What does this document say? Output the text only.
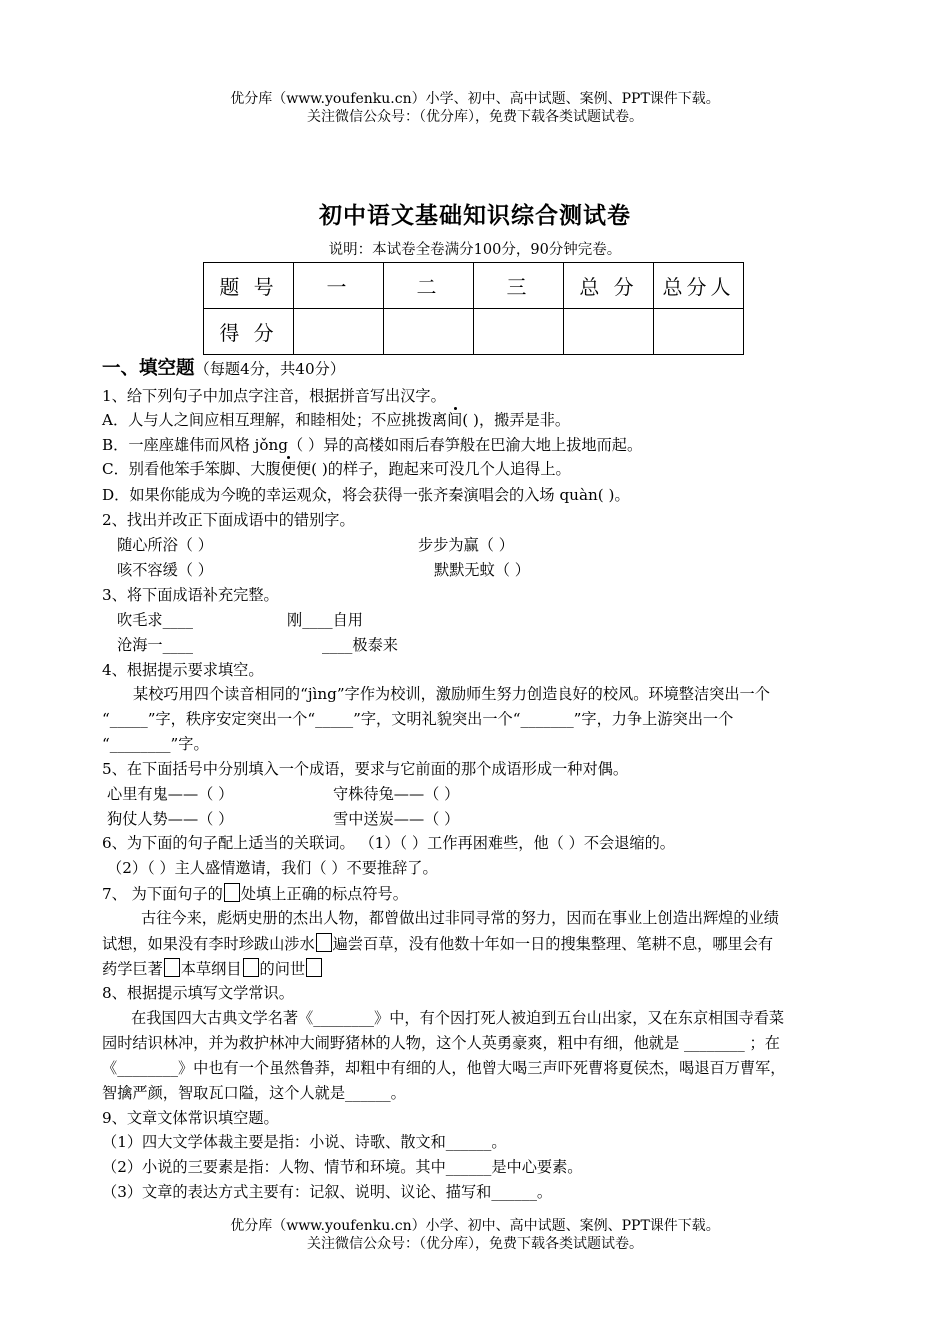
优分库（www.youfenku.cn）小学、初中、高中试题、案例、PPT课件下载。
关注微信公众号：（优分库），免费下载各类试题试卷。
初中语文基础知识综合测试卷
说明：本试卷全卷满分100分，90分钟完卷。
题 号	一	二	三	总 分	总分人
得 分					
一、填空题（每题4分，共40分）
1、给下列句子中加点字注音，根据拼音写出汉字。
A．人与人之间应相互理解，和睦相处；不应挑拨离间( )，搬弄是非。
B．一座座雄伟而风格 jǒng（ ）异的高楼如雨后春笋般在巴渝大地上拔地而起。
C．别看他笨手笨脚、大腹便便( )的样子，跑起来可没几个人追得上。
D．如果你能成为今晚的幸运观众，将会获得一张齐秦演唱会的入场 quàn( )。
2、找出并改正下面成语中的错别字。
随心所浴（ ）	步步为赢（ ）
咳不容缓（ ）	默默无蚊（ ）
3、将下面成语补充完整。
吹毛求____	刚____自用
沧海一____	____极泰来
4、根据提示要求填空。
某校巧用四个读音相同的“jìng”字作为校训，激励师生努力创造良好的校风。环境整洁突出一个
“_____”字，秩序安定突出一个“_____”字，文明礼貌突出一个“_______”字，力争上游突出一个
“________”字。
5、在下面括号中分别填入一个成语，要求与它前面的那个成语形成一种对偶。
心里有鬼——（ ）	守株待兔——（ ）
狗仗人势——（ ）	雪中送炭——（ ）
6、为下面的句子配上适当的关联词。 （1）（ ）工作再困难些，他（ ）不会退缩的。
（2）（ ）主人盛情邀请，我们（ ）不要推辞了。
7、 为下面句子的 处填上正确的标点符号。
古往今来，彪炳史册的杰出人物，都曾做出过非同寻常的努力，因而在事业上创造出辉煌的业绩
试想，如果没有李时珍跋山涉水 遍尝百草，没有他数十年如一日的搜集整理、笔耕不息，哪里会有
药学巨著 本草纲目 的问世
8、根据提示填写文学常识。
在我国四大古典文学名著《________》中，有个因打死人被迫到五台山出家，又在东京相国寺看菜
园时结识林冲，并为救护林冲大闹野猪林的人物，这个人英勇豪爽，粗中有细，他就是 ________ ；在
《________》中也有一个虽然鲁莽，却粗中有细的人，他曾大喝三声吓死曹将夏侯杰，喝退百万曹军，
智擒严颜，智取瓦口隘，这个人就是______。
9、文章文体常识填空题。
（1）四大文学体裁主要是指：小说、诗歌、散文和______。
（2）小说的三要素是指：人物、情节和环境。其中______是中心要素。
（3）文章的表达方式主要有：记叙、说明、议论、描写和______。
优分库（www.youfenku.cn）小学、初中、高中试题、案例、PPT课件下载。
关注微信公众号：（优分库），免费下载各类试题试卷。
